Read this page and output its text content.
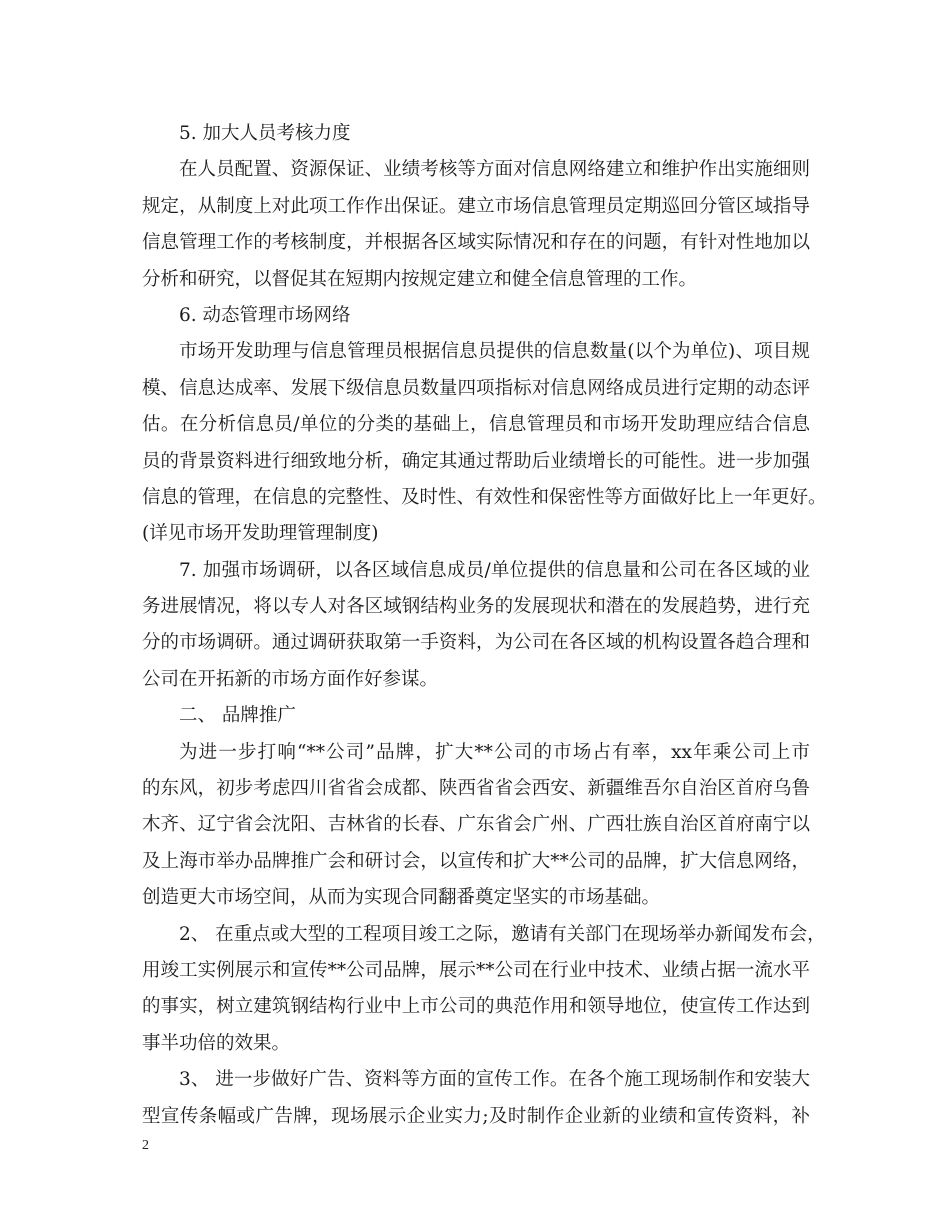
5. 加大人员考核力度
在人员配置、资源保证、业绩考核等方面对信息网络建立和维护作出实施细则
规定，从制度上对此项工作作出保证。建立市场信息管理员定期巡回分管区域指导
信息管理工作的考核制度，并根据各区域实际情况和存在的问题，有针对性地加以
分析和研究，以督促其在短期内按规定建立和健全信息管理的工作。
6. 动态管理市场网络
市场开发助理与信息管理员根据信息员提供的信息数量(以个为单位)、项目规
模、信息达成率、发展下级信息员数量四项指标对信息网络成员进行定期的动态评
估。在分析信息员/单位的分类的基础上，信息管理员和市场开发助理应结合信息
员的背景资料进行细致地分析，确定其通过帮助后业绩增长的可能性。进一步加强
信息的管理，在信息的完整性、及时性、有效性和保密性等方面做好比上一年更好。
(详见市场开发助理管理制度)
7. 加强市场调研，以各区域信息成员/单位提供的信息量和公司在各区域的业
务进展情况，将以专人对各区域钢结构业务的发展现状和潜在的发展趋势，进行充
分的市场调研。通过调研获取第一手资料，为公司在各区域的机构设置各趋合理和
公司在开拓新的市场方面作好参谋。
二、 品牌推广
为进一步打响“**公司”品牌，扩大**公司的市场占有率，xx年乘公司上市
的东风，初步考虑四川省省会成都、陕西省省会西安、新疆维吾尔自治区首府乌鲁
木齐、辽宁省会沈阳、吉林省的长春、广东省会广州、广西壮族自治区首府南宁以
及上海市举办品牌推广会和研讨会，以宣传和扩大**公司的品牌，扩大信息网络，
创造更大市场空间，从而为实现合同翻番奠定坚实的市场基础。
2、 在重点或大型的工程项目竣工之际，邀请有关部门在现场举办新闻发布会，
用竣工实例展示和宣传**公司品牌，展示**公司在行业中技术、业绩占据一流水平
的事实，树立建筑钢结构行业中上市公司的典范作用和领导地位，使宣传工作达到
事半功倍的效果。
3、 进一步做好广告、资料等方面的宣传工作。在各个施工现场制作和安装大
型宣传条幅或广告牌，现场展示企业实力;及时制作企业新的业绩和宣传资料，补
2
